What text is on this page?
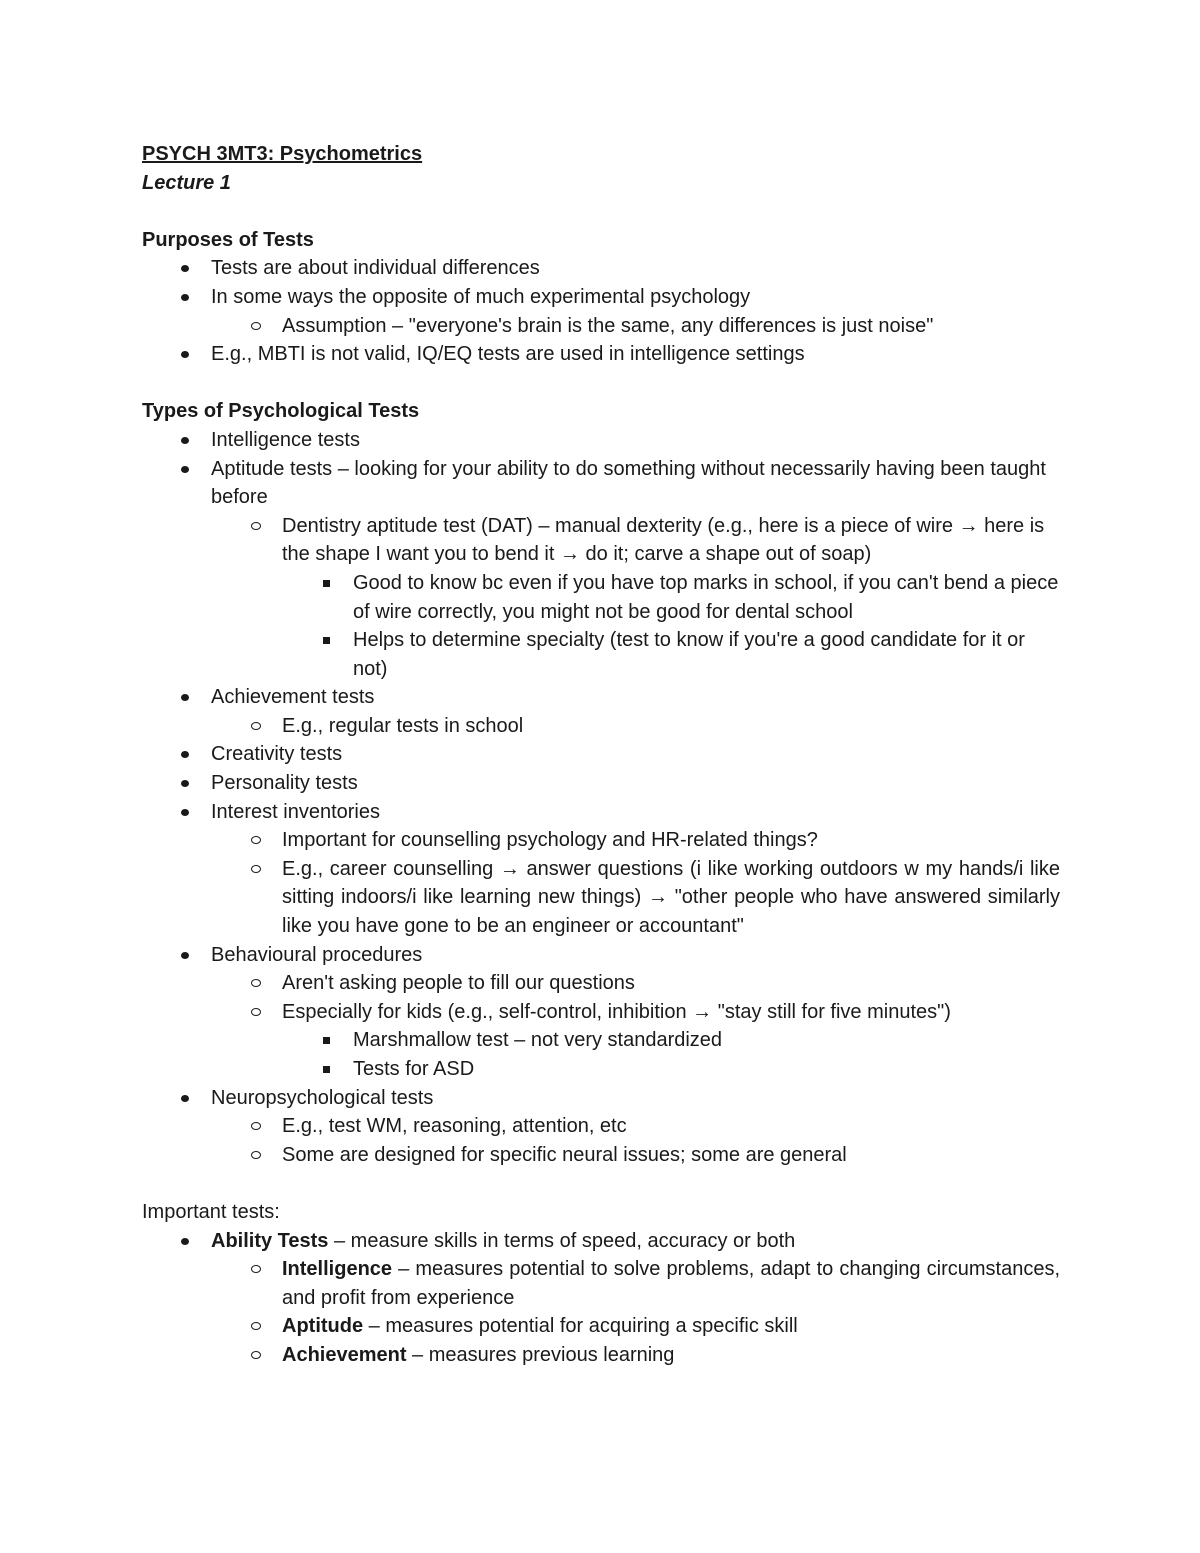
PSYCH 3MT3: Psychometrics
Lecture 1
Purposes of Tests
Tests are about individual differences
In some ways the opposite of much experimental psychology
Assumption – "everyone's brain is the same, any differences is just noise"
E.g., MBTI is not valid, IQ/EQ tests are used in intelligence settings
Types of Psychological Tests
Intelligence tests
Aptitude tests – looking for your ability to do something without necessarily having been taught before
Dentistry aptitude test (DAT) – manual dexterity (e.g., here is a piece of wire → here is the shape I want you to bend it → do it; carve a shape out of soap)
Good to know bc even if you have top marks in school, if you can't bend a piece of wire correctly, you might not be good for dental school
Helps to determine specialty (test to know if you're a good candidate for it or not)
Achievement tests
E.g., regular tests in school
Creativity tests
Personality tests
Interest inventories
Important for counselling psychology and HR-related things?
E.g., career counselling → answer questions (i like working outdoors w my hands/i like sitting indoors/i like learning new things) → "other people who have answered similarly like you have gone to be an engineer or accountant"
Behavioural procedures
Aren't asking people to fill our questions
Especially for kids (e.g., self-control, inhibition → "stay still for five minutes")
Marshmallow test – not very standardized
Tests for ASD
Neuropsychological tests
E.g., test WM, reasoning, attention, etc
Some are designed for specific neural issues; some are general
Important tests:
Ability Tests – measure skills in terms of speed, accuracy or both
Intelligence – measures potential to solve problems, adapt to changing circumstances, and profit from experience
Aptitude – measures potential for acquiring a specific skill
Achievement – measures previous learning
